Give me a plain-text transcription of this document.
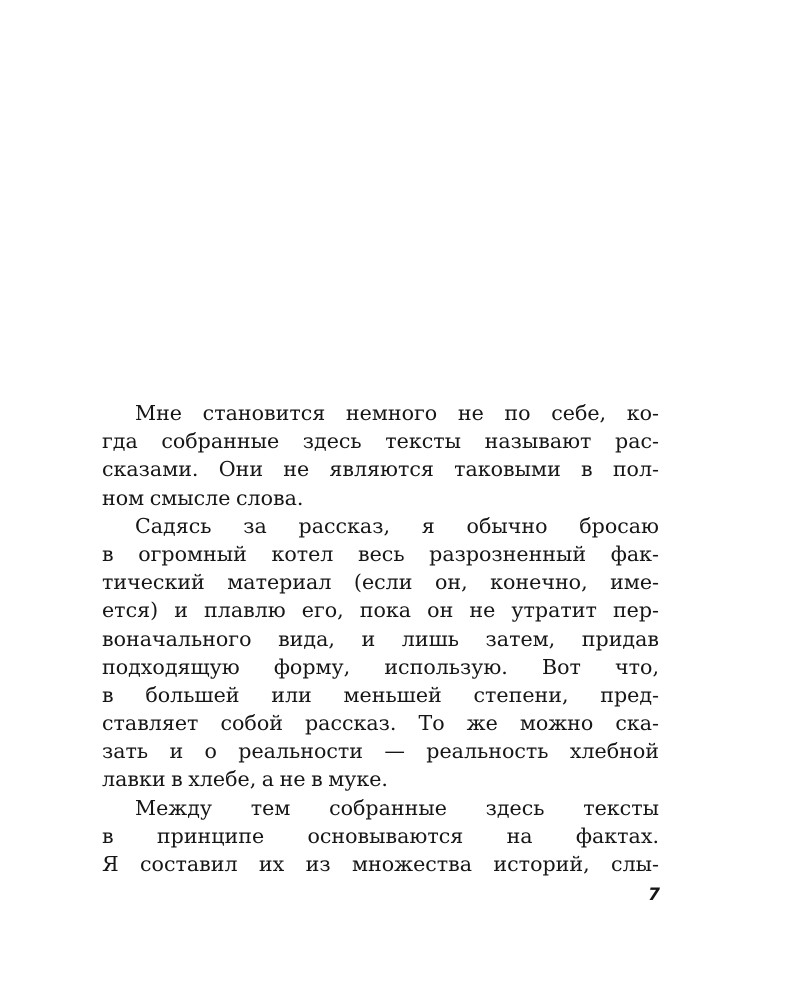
Мне становится немного не по себе, ко-
гда собранные здесь тексты называют рас-
сказами. Они не являются таковыми в пол-
ном смысле слова.

Садясь за рассказ, я обычно бросаю
в огромный котел весь разрозненный фак-
тический материал (если он, конечно, име-
ется) и плавлю его, пока он не утратит пер-
воначального вида, и лишь затем, придав
подходящую форму, использую. Вот что,
в большей или меньшей степени, пред-
ставляет собой рассказ. То же можно ска-
зать и о реальности — реальность хлебной
лавки в хлебе, а не в муке.

Между тем собранные здесь тексты
в принципе основываются на фактах.
Я составил их из множества историй, слы-

7
